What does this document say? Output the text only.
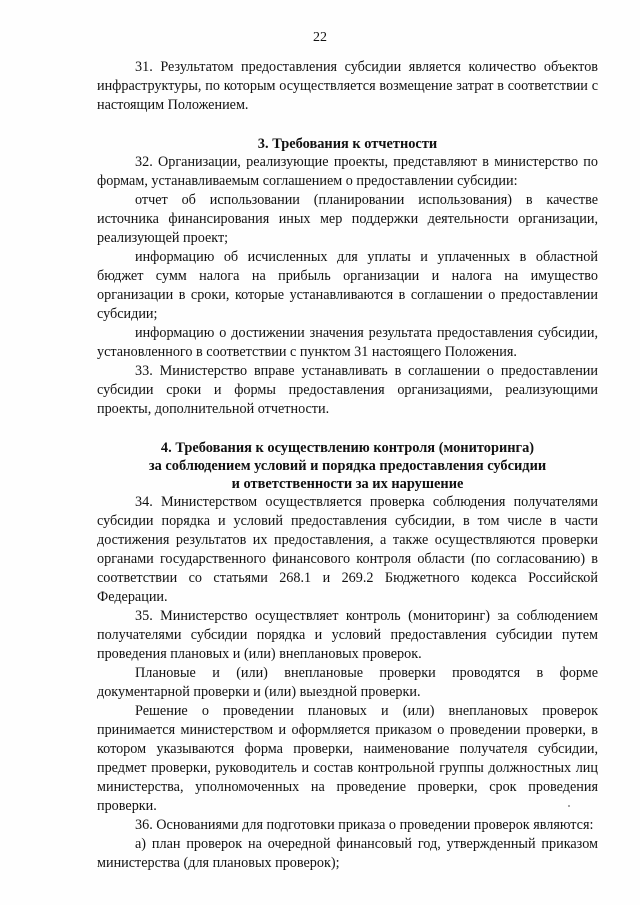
22

31. Результатом предоставления субсидии является количество объектов инфраструктуры, по которым осуществляется возмещение затрат в соответствии с настоящим Положением.

3. Требования к отчетности

32. Организации, реализующие проекты, представляют в министерство по формам, устанавливаемым соглашением о предоставлении субсидии:

отчет об использовании (планировании использования) в качестве источника финансирования иных мер поддержки деятельности организации, реализующей проект;

информацию об исчисленных для уплаты и уплаченных в областной бюджет сумм налога на прибыль организации и налога на имущество организации в сроки, которые устанавливаются в соглашении о предоставлении субсидии;

информацию о достижении значения результата предоставления субсидии, установленного в соответствии с пунктом 31 настоящего Положения.

33. Министерство вправе устанавливать в соглашении о предоставлении субсидии сроки и формы предоставления организациями, реализующими проекты, дополнительной отчетности.

4. Требования к осуществлению контроля (мониторинга)
за соблюдением условий и порядка предоставления субсидии
и ответственности за их нарушение

34. Министерством осуществляется проверка соблюдения получателями субсидии порядка и условий предоставления субсидии, в том числе в части достижения результатов их предоставления, а также осуществляются проверки органами государственного финансового контроля области (по согласованию) в соответствии со статьями 268.1 и 269.2 Бюджетного кодекса Российской Федерации.

35. Министерство осуществляет контроль (мониторинг) за соблюдением получателями субсидии порядка и условий предоставления субсидии путем проведения плановых и (или) внеплановых проверок.

Плановые и (или) внеплановые проверки проводятся в форме документарной проверки и (или) выездной проверки.

Решение о проведении плановых и (или) внеплановых проверок принимается министерством и оформляется приказом о проведении проверки, в котором указываются форма проверки, наименование получателя субсидии, предмет проверки, руководитель и состав контрольной группы должностных лиц министерства, уполномоченных на проведение проверки, срок проведения проверки.

36. Основаниями для подготовки приказа о проведении проверок являются:

а) план проверок на очередной финансовый год, утвержденный приказом министерства (для плановых проверок);
